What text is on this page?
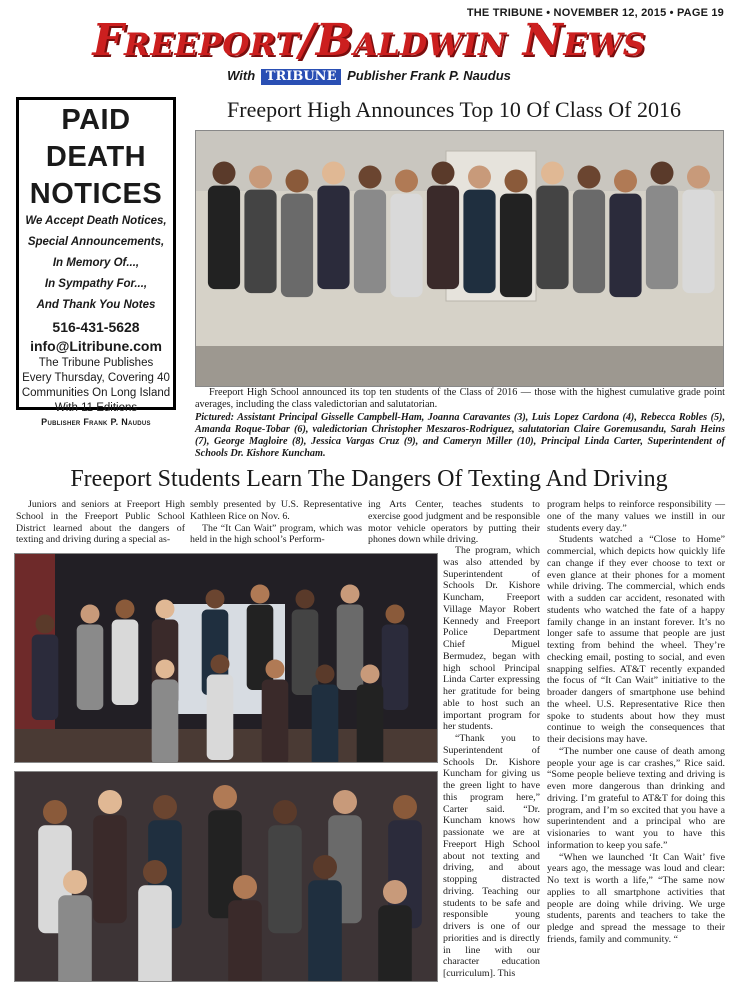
THE TRIBUNE • NOVEMBER 12, 2015 • PAGE 19
Freeport/Baldwin News
With TRIBUNE Publisher Frank P. Naudus
PAID
DEATH
NOTICES
We Accept Death Notices,
Special Announcements,
In Memory Of...,
In Sympathy For...,
And Thank You Notes
516-431-5628
info@Litribune.com
The Tribune Publishes
Every Thursday, Covering 40
Communities On Long Island
With 11 Editions
Publisher Frank P. Naudus
Freeport High Announces Top 10 Of Class Of 2016
Freeport High School announced its top ten students of the Class of 2016 — those with the highest cumulative grade point averages, including the class valedictorian and salutatorian.
Pictured: Assistant Principal Gisselle Campbell-Ham, Joanna Caravantes (3), Luis Lopez Cardona (4), Rebecca Robles (5), Amanda Roque-Tobar (6), valedictorian Christopher Meszaros-Rodriguez, salutatorian Claire Goremusandu, Sarah Heins (7), George Magloire (8), Jessica Vargas Cruz (9), and Cameryn Miller (10), Principal Linda Carter, Superintendent of Schools Dr. Kishore Kuncham.
Freeport Students Learn The Dangers Of Texting And Driving

Juniors and seniors at Freeport High School in the Freeport Public School District learned about the dangers of texting and driving during a special as-

sembly presented by U.S. Representative Kathleen Rice on Nov. 6.

The “It Can Wait” program, which was held in the high school’s Perform-

ing Arts Center, teaches students to exercise good judgment and be responsible motor vehicle operators by putting their phones down while driving.

The program, which was also attended by Superintendent of Schools Dr. Kishore Kuncham, Freeport Village Mayor Robert Kennedy and Freeport Police Department Chief Miguel Bermudez, began with high school Principal Linda Carter expressing her gratitude for being able to host such an important program for her students.

“Thank you to Superintendent of Schools Dr. Kishore Kuncham for giving us the green light to have this program here,” Carter said. “Dr. Kuncham knows how passionate we are at Freeport High School about not texting and driving, and about stopping distracted driving. Teaching our students to be safe and responsible young drivers is one of our priorities and is directly in line with our character education [curriculum]. This

program helps to reinforce responsibility — one of the many values we instill in our students every day.”

Students watched a “Close to Home” commercial, which depicts how quickly life can change if they ever choose to text or even glance at their phones for a moment while driving. The commercial, which ends with a sudden car accident, resonated with students who watched the fate of a happy family change in an instant forever. It’s no longer safe to assume that people are just texting from behind the wheel. They’re checking email, posting to social, and even snapping selfies. AT&T recently expanded the focus of “It Can Wait” initiative to the broader dangers of smartphone use behind the wheel. U.S. Representative Rice then spoke to students about how they must continue to weigh the consequences that their decisions may have.

“The number one cause of death among people your age is car crashes,” Rice said. “Some people believe texting and driving is even more dangerous than drinking and driving. I’m grateful to AT&T for doing this program, and I’m so excited that you have a superintendent and a principal who are visionaries to want you to have this information to keep you safe.”

“When we launched ‘It Can Wait’ five years ago, the message was loud and clear: No text is worth a life,” “The same now applies to all smartphone activities that people are doing while driving. We urge students, parents and teachers to take the pledge and spread the message to their friends, family and community. “
